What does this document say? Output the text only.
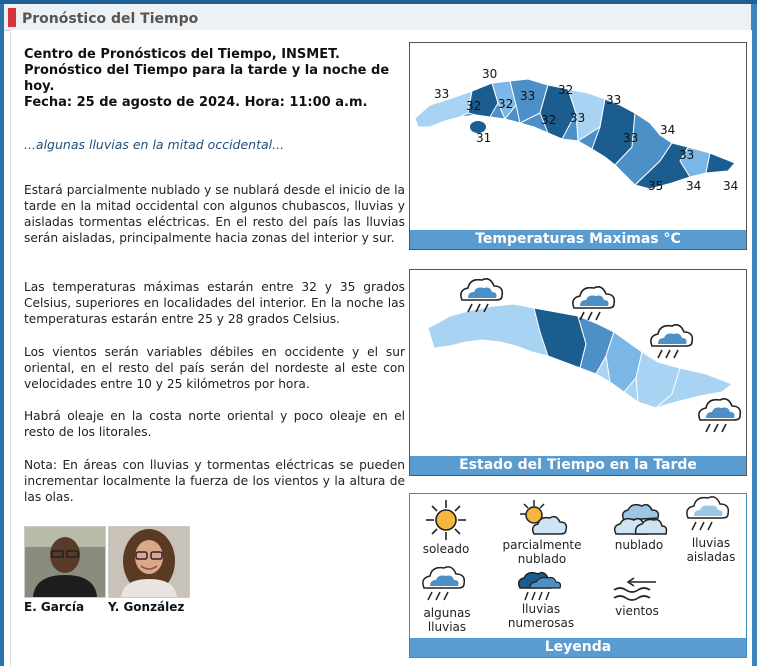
Pronóstico del Tiempo
Centro de Pronósticos del Tiempo, INSMET.
Pronóstico del Tiempo para la tarde y la noche de hoy.
Fecha: 25 de agosto de 2024. Hora: 11:00 a.m.
...algunas lluvias en la mitad occidental...
Estará parcialmente nublado y se nublará desde el inicio de la tarde en la mitad occidental con algunos chubascos, lluvias y aisladas tormentas eléctricas. En el resto del país las lluvias serán aisladas, principalmente hacia zonas del interior y sur.
Las temperaturas máximas estarán entre 32 y 35 grados Celsius, superiores en localidades del interior. En la noche las temperaturas estarán entre 25 y 28 grados Celsius.
Los vientos serán variables débiles en occidente y el sur oriental, en el resto del país serán del nordeste al este con velocidades entre 10 y 25 kilómetros por hora.
Habrá oleaje en la costa norte oriental y poco oleaje en el resto de los litorales.
Nota: En áreas con lluvias y tormentas eléctricas se pueden incrementar localmente la fuerza de los vientos y la altura de las olas.
E. García Y. González
33
30
32 32
33 32
33
32 33
31	33
34
33
35 34 34
Temperaturas Maximas °C
Estado del Tiempo en la Tarde
soleado	parcialmente nublado
nublado	lluvias aisladas
algunas lluvias
lluvias numerosas
vientos
Leyenda
